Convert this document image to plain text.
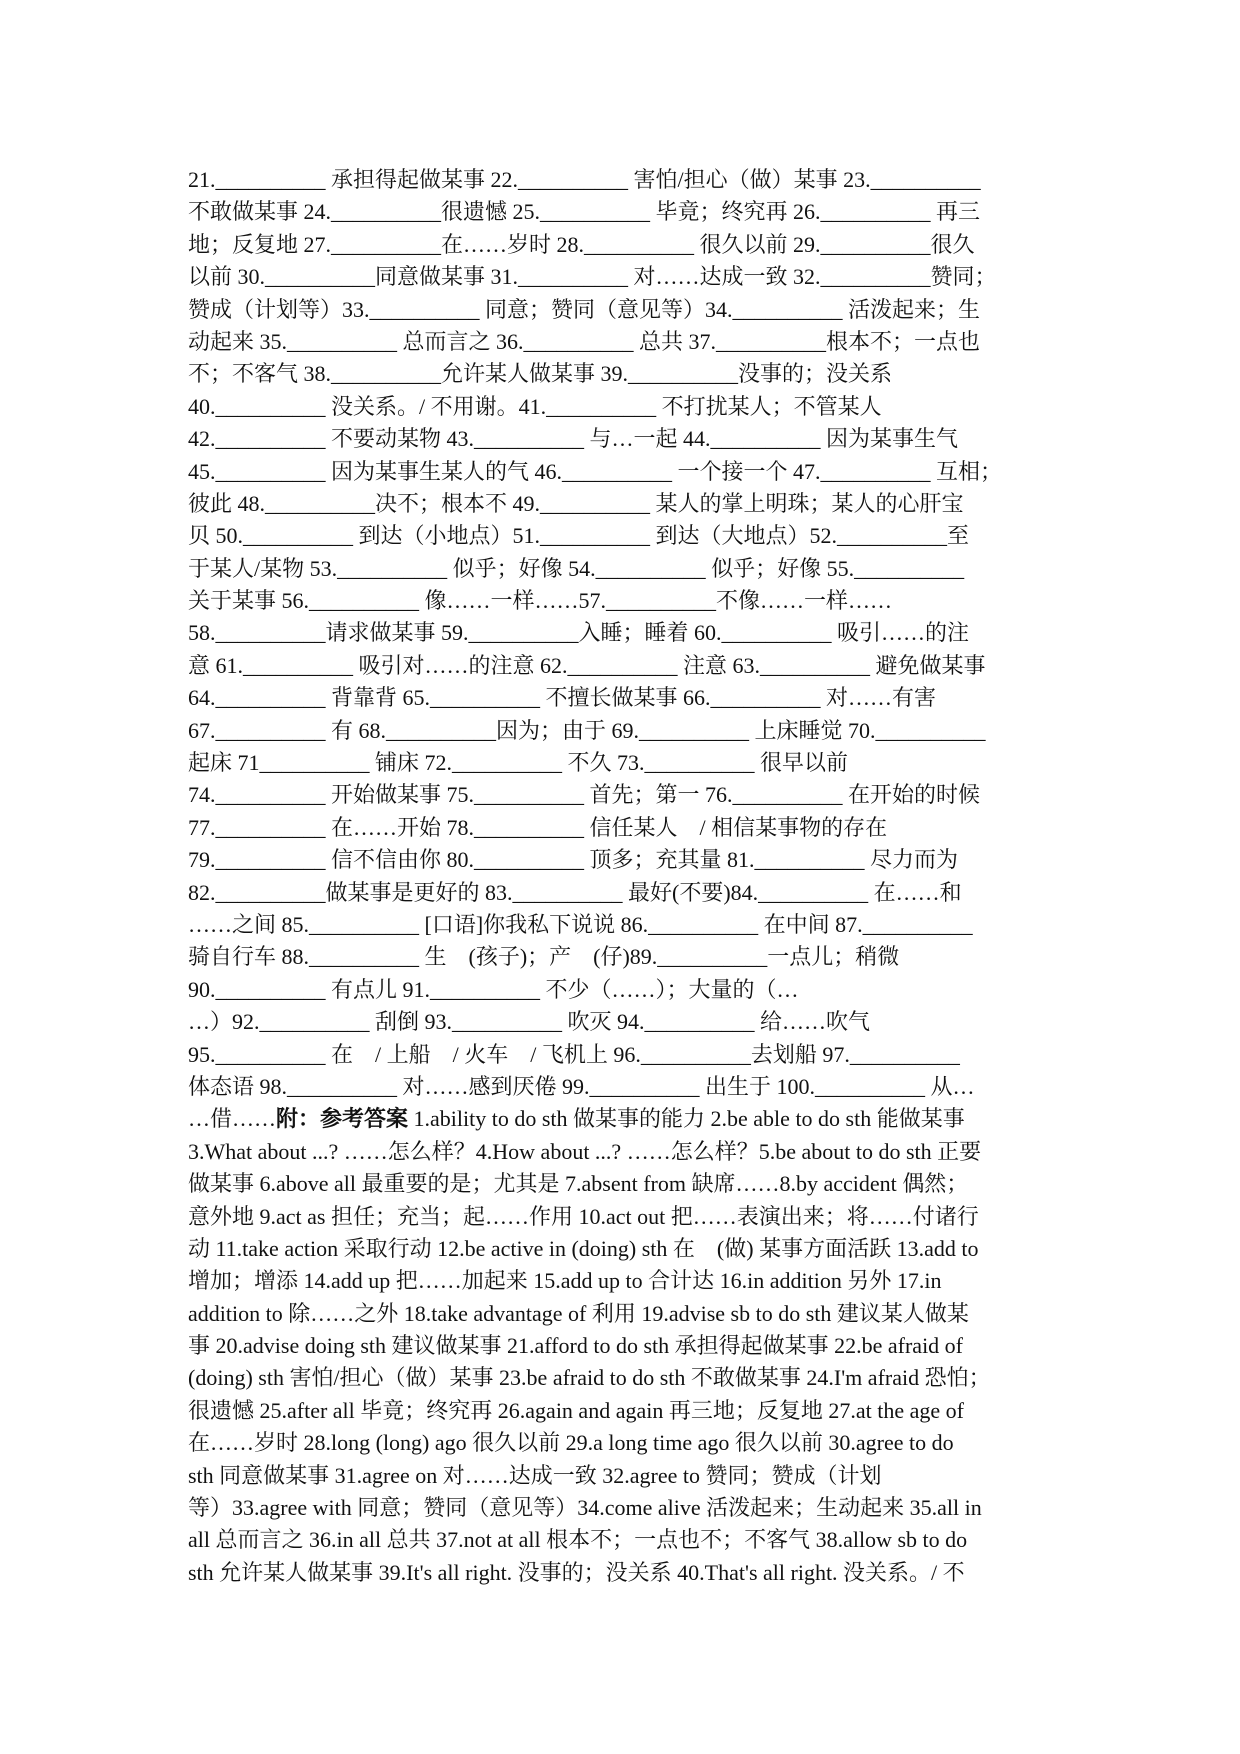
21.__________ 承担得起做某事 22.__________ 害怕/担心（做）某事 23.__________
不敢做某事 24.__________很遗憾 25.__________ 毕竟；终究再 26.__________ 再三
地；反复地 27.__________在……岁时 28.__________ 很久以前 29.__________很久
以前 30.__________同意做某事 31.__________ 对……达成一致 32.__________赞同；
赞成（计划等）33.__________ 同意；赞同（意见等）34.__________ 活泼起来；生
动起来 35.__________ 总而言之 36.__________ 总共 37.__________根本不；一点也
不；不客气 38.__________允许某人做某事 39.__________没事的；没关系
40.__________ 没关系。/ 不用谢。41.__________ 不打扰某人；不管某人
42.__________ 不要动某物 43.__________ 与…一起 44.__________ 因为某事生气
45.__________ 因为某事生某人的气 46.__________ 一个接一个 47.__________ 互相；
彼此 48.__________决不；根本不 49.__________ 某人的掌上明珠；某人的心肝宝
贝 50.__________ 到达（小地点）51.__________ 到达（大地点）52.__________至
于某人/某物 53.__________ 似乎；好像 54.__________ 似乎；好像 55.__________
关于某事 56.__________ 像……一样……57.__________不像……一样……
58.__________请求做某事 59.__________入睡；睡着 60.__________ 吸引……的注
意 61.__________ 吸引对……的注意 62.__________ 注意 63.__________ 避免做某事
64.__________ 背靠背 65.__________ 不擅长做某事 66.__________ 对……有害
67.__________ 有 68.__________因为；由于 69.__________ 上床睡觉 70.__________
起床 71__________ 铺床 72.__________ 不久 73.__________ 很早以前
74.__________ 开始做某事 75.__________ 首先；第一 76.__________ 在开始的时候
77.__________ 在……开始 78.__________ 信任某人　/ 相信某事物的存在
79.__________ 信不信由你 80.__________ 顶多；充其量 81.__________ 尽力而为
82.__________做某事是更好的 83.__________ 最好(不要)84.__________ 在……和
……之间 85.__________ [口语]你我私下说说 86.__________ 在中间 87.__________
骑自行车 88.__________ 生　(孩子)；产　(仔)89.__________一点儿；稍微
90.__________ 有点儿 91.__________ 不少（……）；大量的（…
…）92.__________ 刮倒 93.__________ 吹灭 94.__________ 给……吹气
95.__________ 在　/ 上船　/ 火车　/ 飞机上 96.__________去划船 97.__________
体态语 98.__________ 对……感到厌倦 99.__________ 出生于 100.__________ 从…
…借……附：参考答案 1.ability to do sth 做某事的能力 2.be able to do sth 能做某事
3.What about ...? ……怎么样？4.How about ...? ……怎么样？5.be about to do sth 正要
做某事 6.above all 最重要的是；尤其是 7.absent from 缺席……8.by accident 偶然；
意外地 9.act as 担任；充当；起……作用 10.act out 把……表演出来；将……付诸行
动 11.take action 采取行动 12.be active in (doing) sth 在　(做) 某事方面活跃 13.add to
增加；增添 14.add up 把……加起来 15.add up to 合计达 16.in addition 另外 17.in
addition to 除……之外 18.take advantage of 利用 19.advise sb to do sth 建议某人做某
事 20.advise doing sth 建议做某事 21.afford to do sth 承担得起做某事 22.be afraid of
(doing) sth 害怕/担心（做）某事 23.be afraid to do sth 不敢做某事 24.I'm afraid 恐怕；
很遗憾 25.after all 毕竟；终究再 26.again and again 再三地；反复地 27.at the age of
在……岁时 28.long (long) ago 很久以前 29.a long time ago 很久以前 30.agree to do
sth 同意做某事 31.agree on 对……达成一致 32.agree to 赞同；赞成（计划
等）33.agree with 同意；赞同（意见等）34.come alive 活泼起来；生动起来 35.all in
all 总而言之 36.in all 总共 37.not at all 根本不；一点也不；不客气 38.allow sb to do
sth 允许某人做某事 39.It's all right. 没事的；没关系 40.That's all right. 没关系。/ 不
